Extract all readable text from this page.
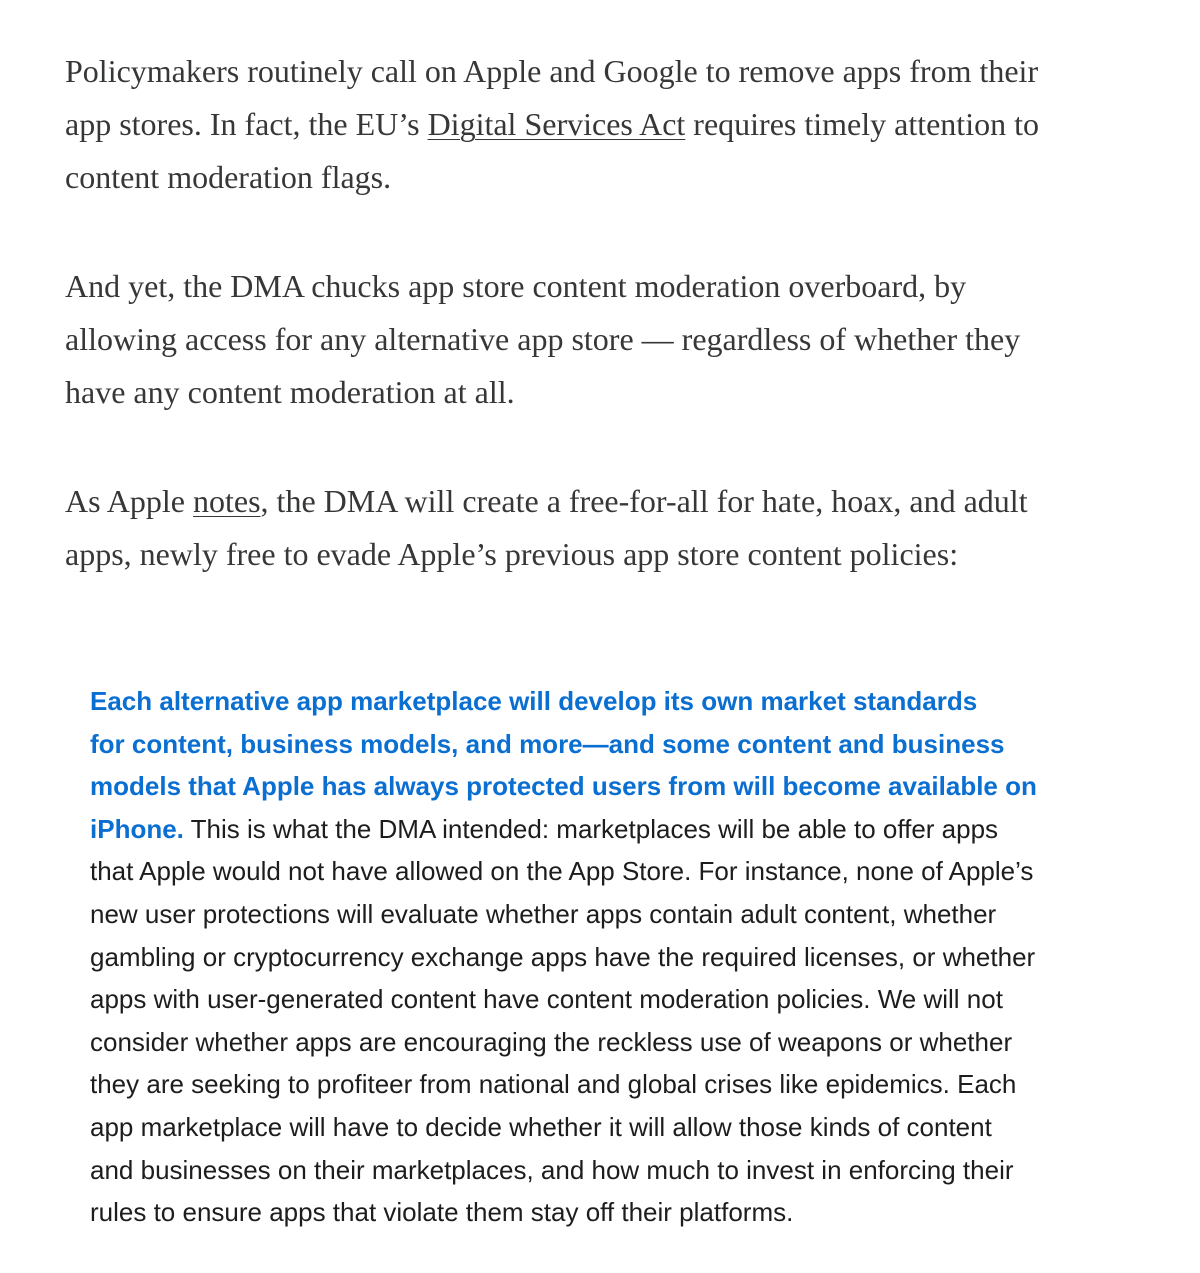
Policymakers routinely call on Apple and Google to remove apps from their
app stores. In fact, the EU’s Digital Services Act requires timely attention to
content moderation flags.
And yet, the DMA chucks app store content moderation overboard, by
allowing access for any alternative app store — regardless of whether they
have any content moderation at all.
As Apple notes, the DMA will create a free-for-all for hate, hoax, and adult
apps, newly free to evade Apple’s previous app store content policies:
Each alternative app marketplace will develop its own market standards
for content, business models, and more—and some content and business
models that Apple has always protected users from will become available on
iPhone. This is what the DMA intended: marketplaces will be able to offer apps
that Apple would not have allowed on the App Store. For instance, none of Apple’s
new user protections will evaluate whether apps contain adult content, whether
gambling or cryptocurrency exchange apps have the required licenses, or whether
apps with user-generated content have content moderation policies. We will not
consider whether apps are encouraging the reckless use of weapons or whether
they are seeking to profiteer from national and global crises like epidemics. Each
app marketplace will have to decide whether it will allow those kinds of content
and businesses on their marketplaces, and how much to invest in enforcing their
rules to ensure apps that violate them stay off their platforms.
